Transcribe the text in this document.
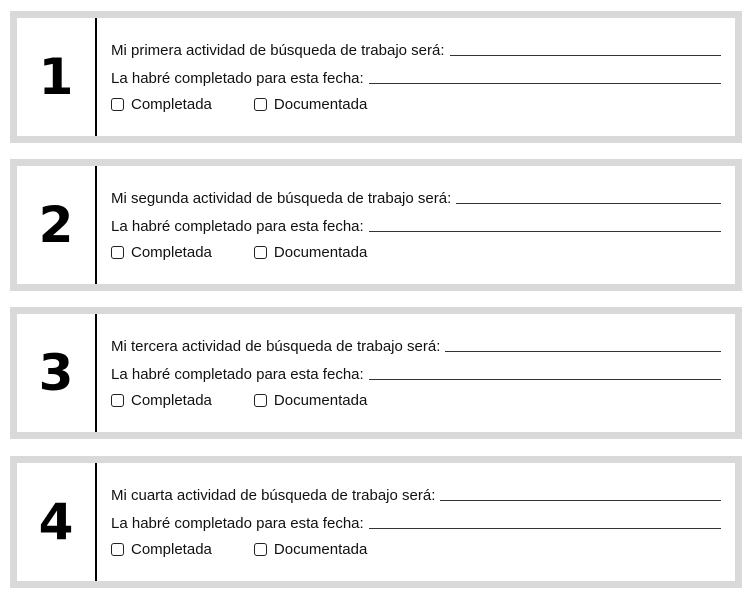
1	Mi primera actividad de búsqueda de trabajo será:
La habré completado para esta fecha:
Completada	Documentada
2	Mi segunda actividad de búsqueda de trabajo será:
La habré completado para esta fecha:
Completada	Documentada
3	Mi tercera actividad de búsqueda de trabajo será:
La habré completado para esta fecha:
Completada	Documentada
4	Mi cuarta actividad de búsqueda de trabajo será:
La habré completado para esta fecha:
Completada	Documentada
